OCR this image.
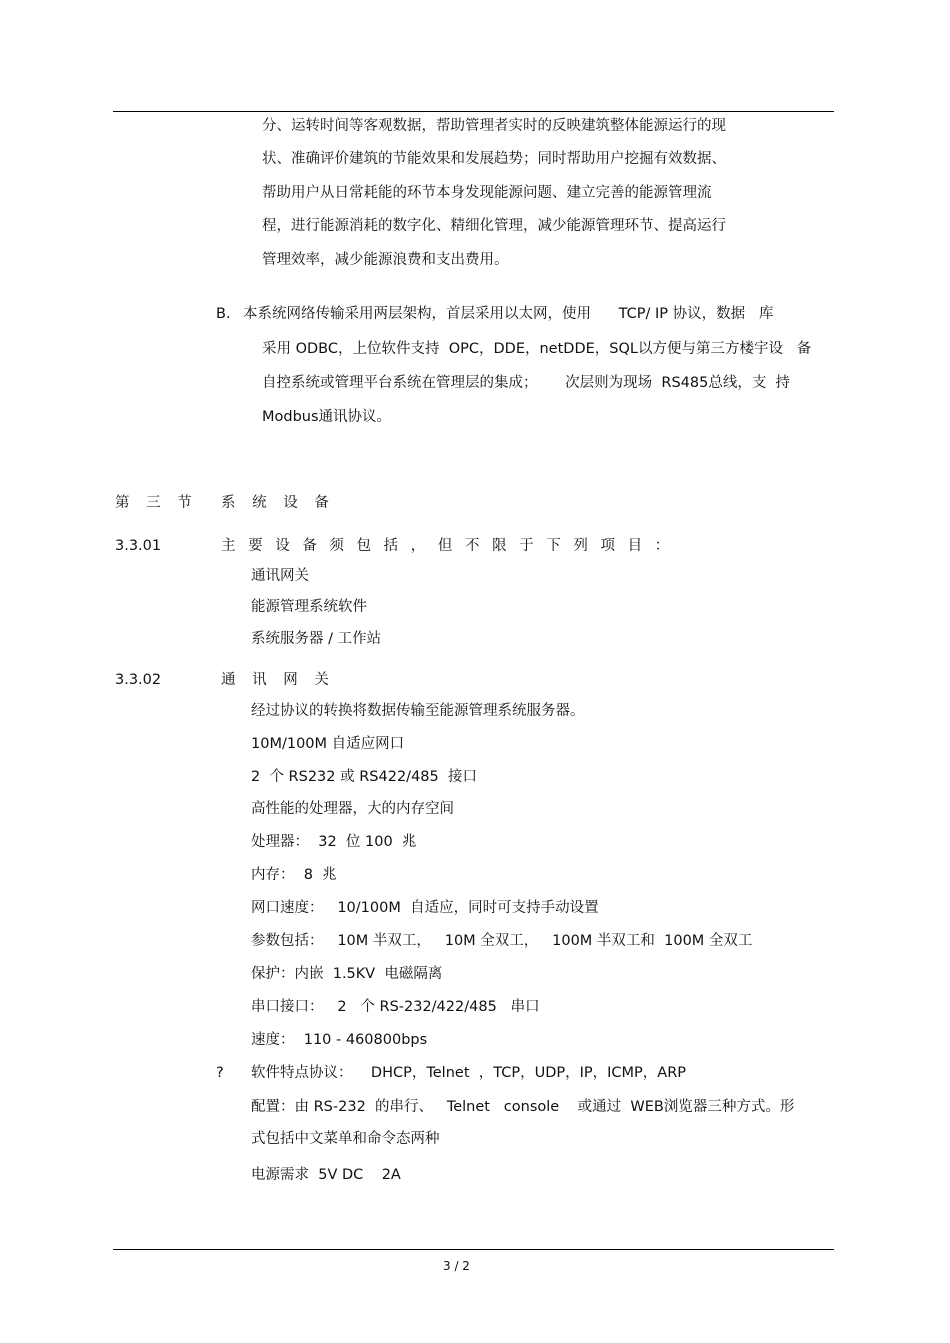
分、运转时间等客观数据，帮助管理者实时的反映建筑整体能源运行的现
状、准确评价建筑的节能效果和发展趋势；同时帮助用户挖掘有效数据、
帮助用户从日常耗能的环节本身发现能源问题、建立完善的能源管理流
程，进行能源消耗的数字化、精细化管理，减少能源管理环节、提高运行
管理效率，减少能源浪费和支出费用。
B. 本系统网络传输采用两层架构，首层采用以太网，使用      TCP/ IP 协议，数据   库
采用 ODBC，上位软件支持  OPC，DDE，netDDE，SQL以方便与第三方楼宇设   备
自控系统或管理平台系统在管理层的集成；      次层则为现场  RS485总线，支  持
Modbus通讯协议。
第 三 节 系 统 设 备
3.3.01	主 要 设 备 须 包 括 ， 但 不 限 于 下 列 项 目 ：
通讯网关
能源管理系统软件
系统服务器 / 工作站
3.3.02	通 讯 网 关
经过协议的转换将数据传输至能源管理系统服务器。
10M/100M 自适应网口
2  个 RS232 或 RS422/485  接口
高性能的处理器，大的内存空间
处理器：  32  位 100  兆
内存：  8  兆
网口速度：   10/100M  自适应，同时可支持手动设置
参数包括：   10M 半双工，   10M 全双工，   100M 半双工和  100M 全双工
保护：内嵌  1.5KV  电磁隔离
串口接口：   2   个 RS-232/422/485   串口
速度：  110 - 460800bps
? 软件特点协议：    DHCP，Telnet  ，TCP，UDP，IP，ICMP，ARP
配置：由 RS-232  的串行、   Telnet   console    或通过  WEB浏览器三种方式。形
式包括中文菜单和命令态两种
电源需求  5V DC    2A
3 / 2
